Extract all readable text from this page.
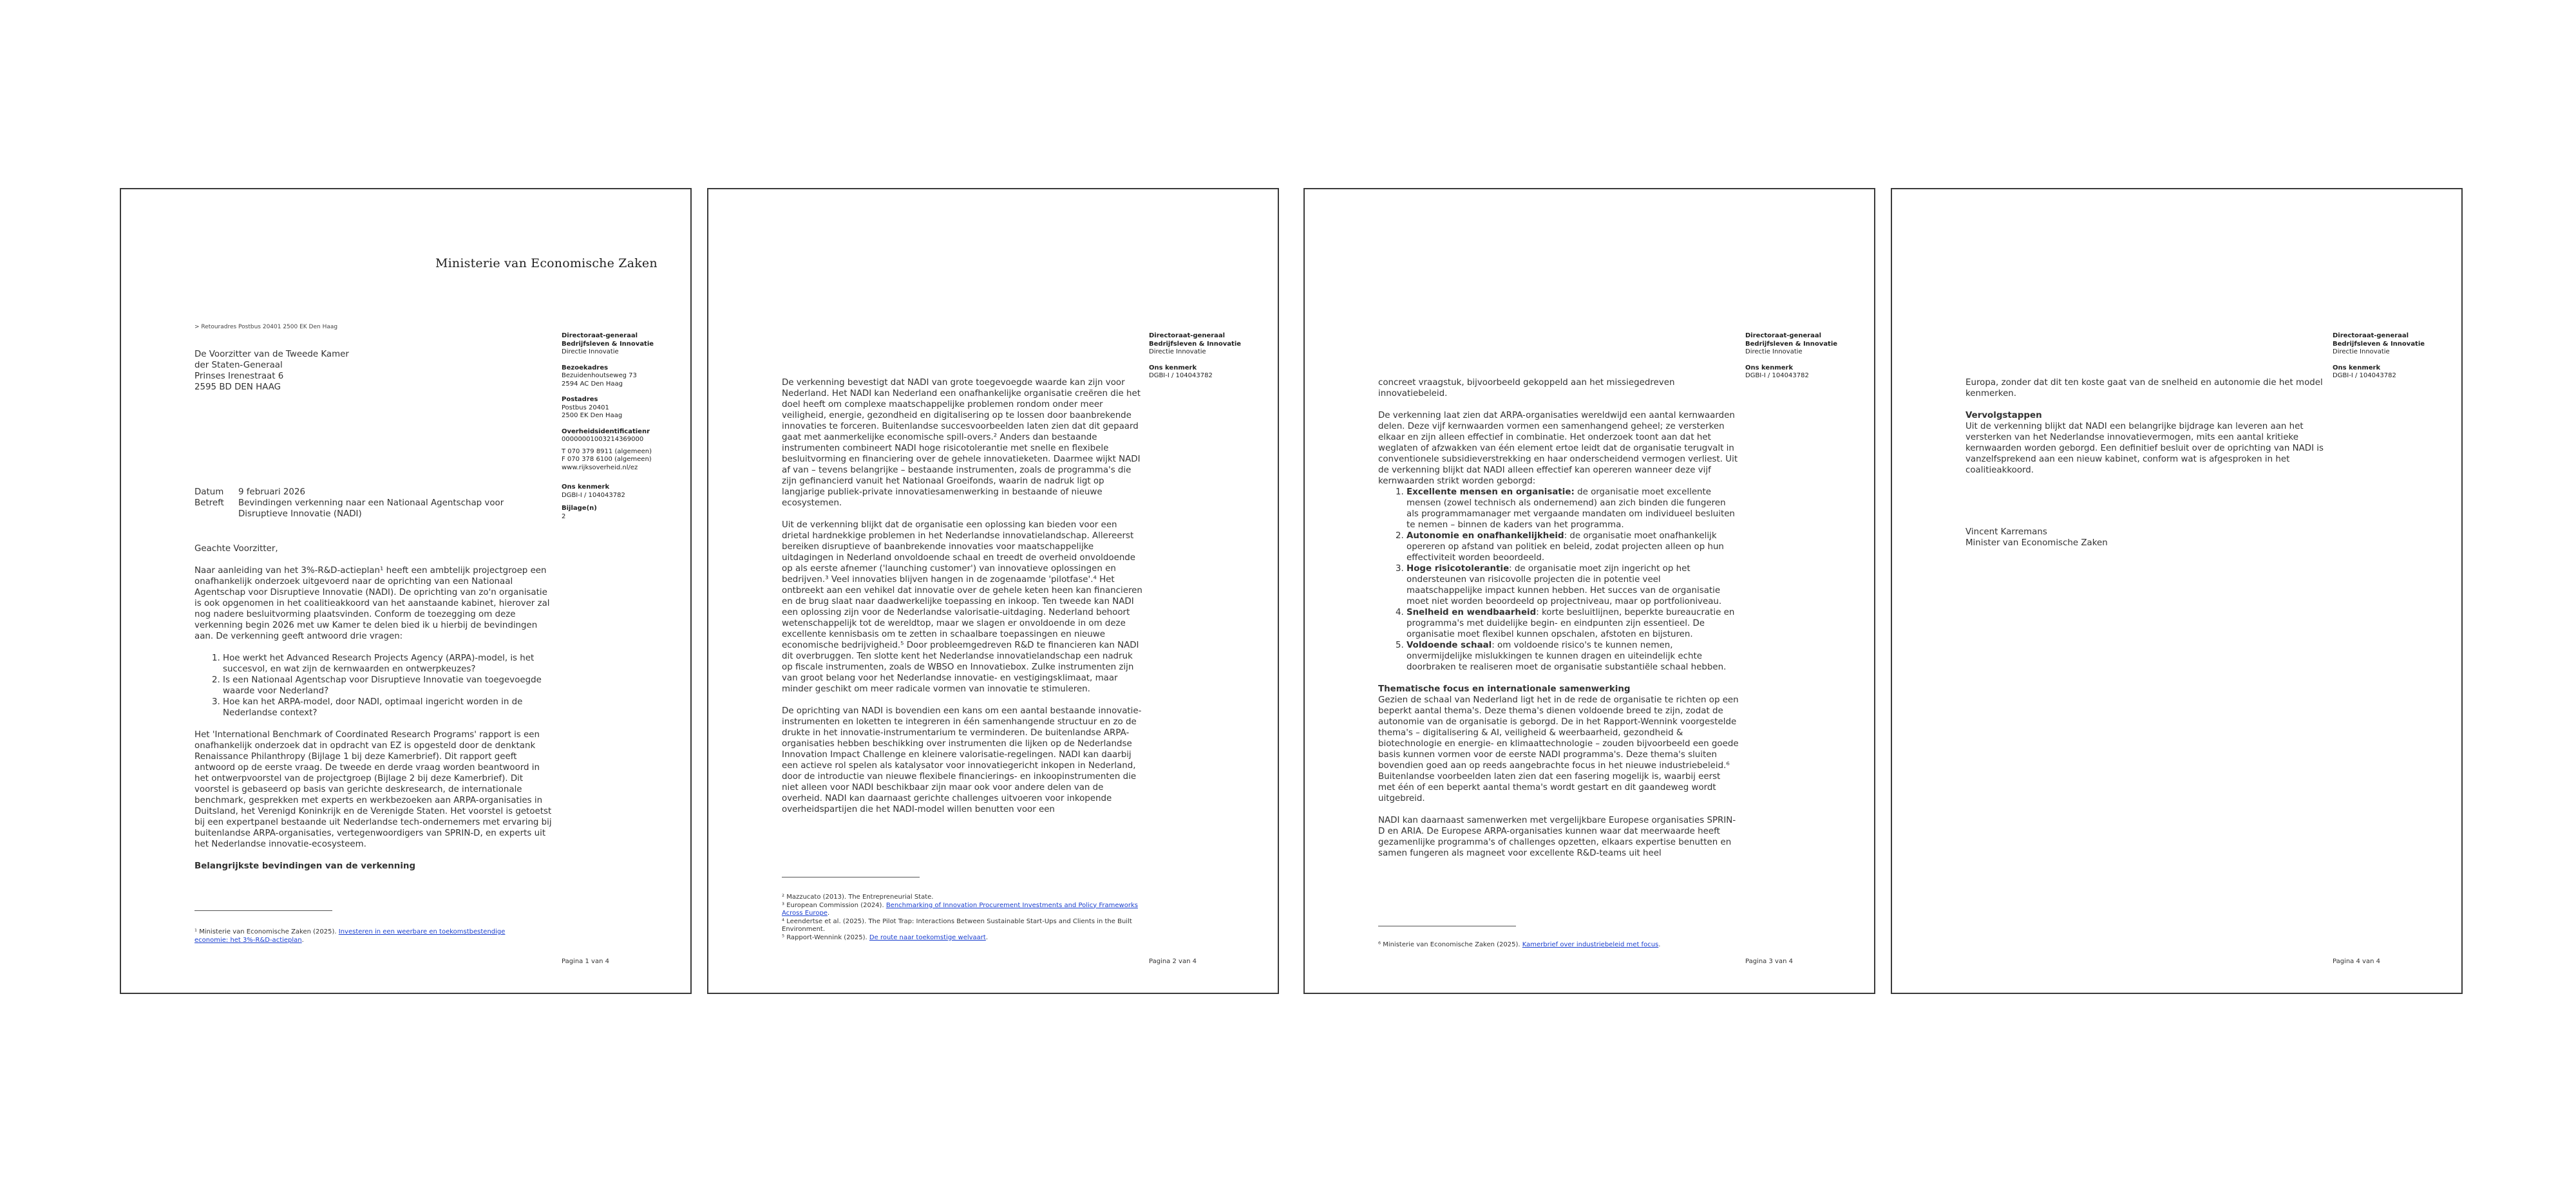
Ministerie van Economische Zaken
> Retouradres Postbus 20401 2500 EK Den Haag
De Voorzitter van de Tweede Kamer
der Staten-Generaal
Prinses Irenestraat 6
2595 BD DEN HAAG
Directoraat-generaal
Bedrijfsleven & Innovatie
Directie Innovatie
Bezoekadres
Bezuidenhoutseweg 73
2594 AC Den Haag
Postadres
Postbus 20401
2500 EK Den Haag
Overheidsidentificatienr
00000001003214369000
T 070 379 8911 (algemeen)
F 070 378 6100 (algemeen)
www.rijksoverheid.nl/ez
Ons kenmerk
DGBI-I / 104043782
Bijlage(n)
2
Datum	9 februari 2026
Betreft	Bevindingen verkenning naar een Nationaal Agentschap voor
Disruptieve Innovatie (NADI)

Geachte Voorzitter,

Naar aanleiding van het 3%-R&D-actieplan¹ heeft een ambtelijk projectgroep een onafhankelijk onderzoek uitgevoerd naar de oprichting van een Nationaal Agentschap voor Disruptieve Innovatie (NADI). De oprichting van zo'n organisatie is ook opgenomen in het coalitieakkoord van het aanstaande kabinet, hierover zal nog nadere besluitvorming plaatsvinden. Conform de toezegging om deze verkenning begin 2026 met uw Kamer te delen bied ik u hierbij de bevindingen aan. De verkenning geeft antwoord drie vragen:

1. Hoe werkt het Advanced Research Projects Agency (ARPA)-model, is het succesvol, en wat zijn de kernwaarden en ontwerpkeuzes?
2. Is een Nationaal Agentschap voor Disruptieve Innovatie van toegevoegde waarde voor Nederland?
3. Hoe kan het ARPA-model, door NADI, optimaal ingericht worden in de Nederlandse context?

Het 'International Benchmark of Coordinated Research Programs' rapport is een onafhankelijk onderzoek dat in opdracht van EZ is opgesteld door de denktank Renaissance Philanthropy (Bijlage 1 bij deze Kamerbrief). Dit rapport geeft antwoord op de eerste vraag. De tweede en derde vraag worden beantwoord in het ontwerpvoorstel van de projectgroep (Bijlage 2 bij deze Kamerbrief). Dit voorstel is gebaseerd op basis van gerichte deskresearch, de internationale benchmark, gesprekken met experts en werkbezoeken aan ARPA-organisaties in Duitsland, het Verenigd Koninkrijk en de Verenigde Staten. Het voorstel is getoetst bij een expertpanel bestaande uit Nederlandse tech-ondernemers met ervaring bij buitenlandse ARPA-organisaties, vertegenwoordigers van SPRIN-D, en experts uit het Nederlandse innovatie-ecosysteem.

Belangrijkste bevindingen van de verkenning

¹ Ministerie van Economische Zaken (2025). Investeren in een weerbare en toekomstbestendige economie: het 3%-R&D-actieplan.
Pagina 1 van 4
Directoraat-generaal
Bedrijfsleven & Innovatie
Directie Innovatie
Ons kenmerk
DGBI-I / 104043782

De verkenning bevestigt dat NADI van grote toegevoegde waarde kan zijn voor Nederland. Het NADI kan Nederland een onafhankelijke organisatie creëren die het doel heeft om complexe maatschappelijke problemen rondom onder meer veiligheid, energie, gezondheid en digitalisering op te lossen door baanbrekende innovaties te forceren. Buitenlandse succesvoorbeelden laten zien dat dit gepaard gaat met aanmerkelijke economische spill-overs.² Anders dan bestaande instrumenten combineert NADI hoge risicotolerantie met snelle en flexibele besluitvorming en financiering over de gehele innovatieketen. Daarmee wijkt NADI af van – tevens belangrijke – bestaande instrumenten, zoals de programma's die zijn gefinancierd vanuit het Nationaal Groeifonds, waarin de nadruk ligt op langjarige publiek-private innovatiesamenwerking in bestaande of nieuwe ecosystemen.

Uit de verkenning blijkt dat de organisatie een oplossing kan bieden voor een drietal hardnekkige problemen in het Nederlandse innovatielandschap. Allereerst bereiken disruptieve of baanbrekende innovaties voor maatschappelijke uitdagingen in Nederland onvoldoende schaal en treedt de overheid onvoldoende op als eerste afnemer ('launching customer') van innovatieve oplossingen en bedrijven.³ Veel innovaties blijven hangen in de zogenaamde 'pilotfase'.⁴ Het ontbreekt aan een vehikel dat innovatie over de gehele keten heen kan financieren en de brug slaat naar daadwerkelijke toepassing en inkoop. Ten tweede kan NADI een oplossing zijn voor de Nederlandse valorisatie-uitdaging. Nederland behoort wetenschappelijk tot de wereldtop, maar we slagen er onvoldoende in om deze excellente kennisbasis om te zetten in schaalbare toepassingen en nieuwe economische bedrijvigheid.⁵ Door probleemgedreven R&D te financieren kan NADI dit overbruggen. Ten slotte kent het Nederlandse innovatielandschap een nadruk op fiscale instrumenten, zoals de WBSO en Innovatiebox. Zulke instrumenten zijn van groot belang voor het Nederlandse innovatie- en vestigingsklimaat, maar minder geschikt om meer radicale vormen van innovatie te stimuleren.

De oprichting van NADI is bovendien een kans om een aantal bestaande innovatie-instrumenten en loketten te integreren in één samenhangende structuur en zo de drukte in het innovatie-instrumentarium te verminderen. De buitenlandse ARPA-organisaties hebben beschikking over instrumenten die lijken op de Nederlandse Innovation Impact Challenge en kleinere valorisatie-regelingen. NADI kan daarbij een actieve rol spelen als katalysator voor innovatiegericht inkopen in Nederland, door de introductie van nieuwe flexibele financierings- en inkoopinstrumenten die niet alleen voor NADI beschikbaar zijn maar ook voor andere delen van de overheid. NADI kan daarnaast gerichte challenges uitvoeren voor inkopende overheidspartijen die het NADI-model willen benutten voor een

² Mazzucato (2013). The Entrepreneurial State.
³ European Commission (2024). Benchmarking of Innovation Procurement Investments and Policy Frameworks Across Europe.
⁴ Leendertse et al. (2025). The Pilot Trap: Interactions Between Sustainable Start-Ups and Clients in the Built Environment.
⁵ Rapport-Wennink (2025). De route naar toekomstige welvaart.
Pagina 2 van 4
Directoraat-generaal
Bedrijfsleven & Innovatie
Directie Innovatie
Ons kenmerk
DGBI-I / 104043782

concreet vraagstuk, bijvoorbeeld gekoppeld aan het missiegedreven innovatiebeleid.

De verkenning laat zien dat ARPA-organisaties wereldwijd een aantal kernwaarden delen. Deze vijf kernwaarden vormen een samenhangend geheel; ze versterken elkaar en zijn alleen effectief in combinatie. Het onderzoek toont aan dat het weglaten of afzwakken van één element ertoe leidt dat de organisatie terugvalt in conventionele subsidieverstrekking en haar onderscheidend vermogen verliest. Uit de verkenning blijkt dat NADI alleen effectief kan opereren wanneer deze vijf kernwaarden strikt worden geborgd:

1. Excellente mensen en organisatie: de organisatie moet excellente mensen (zowel technisch als ondernemend) aan zich binden die fungeren als programmamanager met vergaande mandaten om individueel besluiten te nemen – binnen de kaders van het programma.
2. Autonomie en onafhankelijkheid: de organisatie moet onafhankelijk opereren op afstand van politiek en beleid, zodat projecten alleen op hun effectiviteit worden beoordeeld.
3. Hoge risicotolerantie: de organisatie moet zijn ingericht op het ondersteunen van risicovolle projecten die in potentie veel maatschappelijke impact kunnen hebben. Het succes van de organisatie moet niet worden beoordeeld op projectniveau, maar op portfolioniveau.
4. Snelheid en wendbaarheid: korte besluitlijnen, beperkte bureaucratie en programma's met duidelijke begin- en eindpunten zijn essentieel. De organisatie moet flexibel kunnen opschalen, afstoten en bijsturen.
5. Voldoende schaal: om voldoende risico's te kunnen nemen, onvermijdelijke mislukkingen te kunnen dragen en uiteindelijk echte doorbraken te realiseren moet de organisatie substantiële schaal hebben.
Thematische focus en internationale samenwerking

Gezien de schaal van Nederland ligt het in de rede de organisatie te richten op een beperkt aantal thema's. Deze thema's dienen voldoende breed te zijn, zodat de autonomie van de organisatie is geborgd. De in het Rapport-Wennink voorgestelde thema's – digitalisering & AI, veiligheid & weerbaarheid, gezondheid & biotechnologie en energie- en klimaattechnologie – zouden bijvoorbeeld een goede basis kunnen vormen voor de eerste NADI programma's. Deze thema's sluiten bovendien goed aan op reeds aangebrachte focus in het nieuwe industriebeleid.⁶ Buitenlandse voorbeelden laten zien dat een fasering mogelijk is, waarbij eerst met één of een beperkt aantal thema's wordt gestart en dit gaandeweg wordt uitgebreid.

NADI kan daarnaast samenwerken met vergelijkbare Europese organisaties SPRIN-D en ARIA. De Europese ARPA-organisaties kunnen waar dat meerwaarde heeft gezamenlijke programma's of challenges opzetten, elkaars expertise benutten en samen fungeren als magneet voor excellente R&D-teams uit heel

⁶ Ministerie van Economische Zaken (2025). Kamerbrief over industriebeleid met focus.
Pagina 3 van 4
Directoraat-generaal
Bedrijfsleven & Innovatie
Directie Innovatie
Ons kenmerk
DGBI-I / 104043782

Europa, zonder dat dit ten koste gaat van de snelheid en autonomie die het model kenmerken.

Vervolgstappen

Uit de verkenning blijkt dat NADI een belangrijke bijdrage kan leveren aan het versterken van het Nederlandse innovatievermogen, mits een aantal kritieke kernwaarden worden geborgd. Een definitief besluit over de oprichting van NADI is vanzelfsprekend aan een nieuw kabinet, conform wat is afgesproken in het coalitieakkoord.

Vincent Karremans
Minister van Economische Zaken
Pagina 4 van 4
